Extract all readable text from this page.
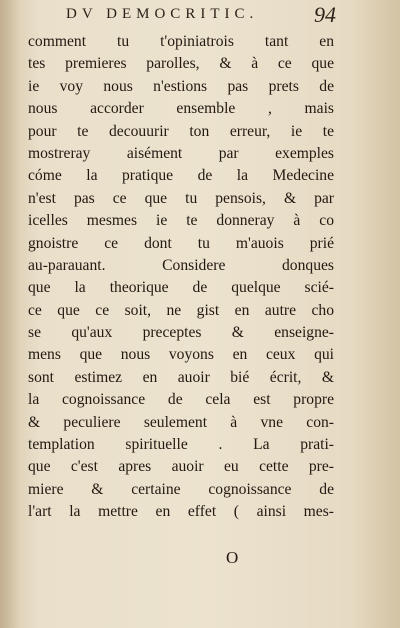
DV DEMOCRITIC.	94
comment tu t'opiniatrois tant en
tes premieres parolles, & à ce que
ie voy nous n'estions pas prets de
nous accorder ensemble , mais
pour te decouurir ton erreur, ie te
mostreray aisément par exemples
cóme la pratique de la Medecine
n'est pas ce que tu pensois, & par
icelles mesmes ie te donneray à co
gnoistre ce dont tu m'auois prié
au-parauant. Considere donques
que la theorique de quelque scié-
ce que ce soit, ne gist en autre cho
se qu'aux preceptes & enseigne-
mens que nous voyons en ceux qui
sont estimez en auoir bié écrit, &
la cognoissance de cela est propre
& peculiere seulement à vne con-
templation spirituelle . La prati-
que c'est apres auoir eu cette pre-
miere & certaine cognoissance de
l'art la mettre en effet ( ainsi mes-
O
